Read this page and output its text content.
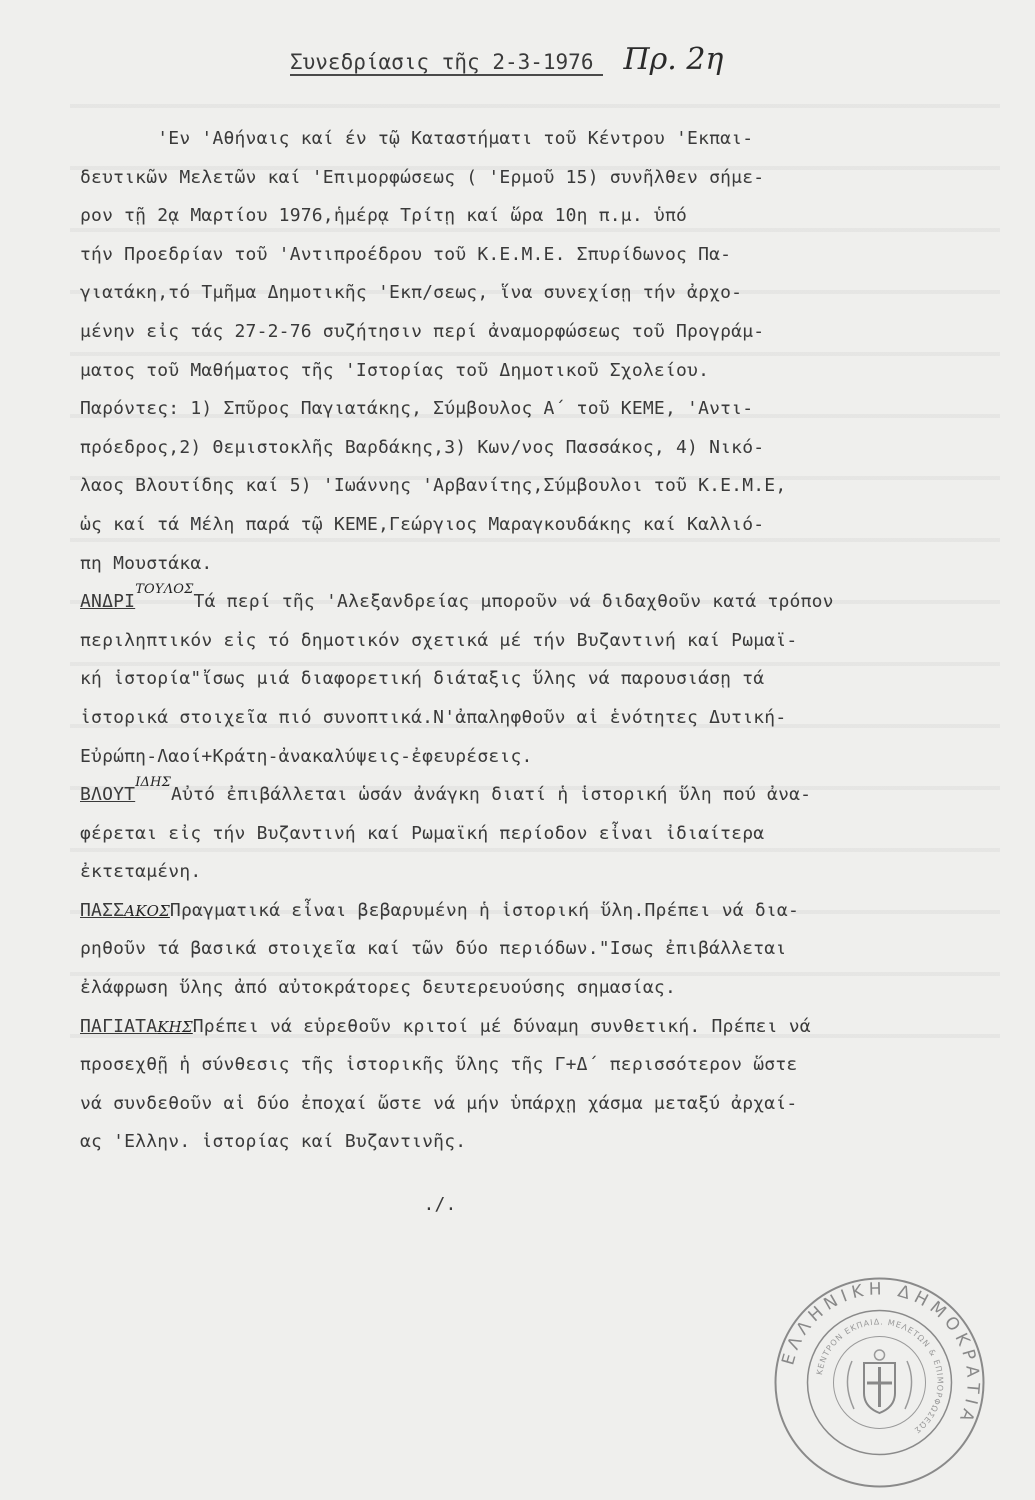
Συνεδρίασις τῆς 2-3-1976 Πρ. 2η
'Εν 'Αθήναις καί έν τῷ Καταστήματι τοῦ Κέντρου 'Εκπαι-
δευτικῶν Μελετῶν καί 'Επιμορφώσεως ( 'Ερμοῦ 15) συνῆλθεν σήμε-
ρον τῇ 2ᾳ Μαρτίου 1976,ἡμέρᾳ Τρίτῃ καί ὥρα 10η π.μ. ὑπό
τήν Προεδρίαν τοῦ 'Αντιπροέδρου τοῦ Κ.Ε.Μ.Ε. Σπυρίδωνος Πα-
γιατάκη,τό Τμῆμα Δημοτικῆς 'Εκπ/σεως, ἵνα συνεχίσῃ τήν ἀρχο-
μένην εἰς τάς 27-2-76 συζήτησιν περί ἀναμορφώσεως τοῦ Προγράμ-
ματος τοῦ Μαθήματος τῆς 'Ιστορίας τοῦ Δημοτικοῦ Σχολείου.
Παρόντες: 1) Σπῦρος Παγιατάκης, Σύμβουλος Α΄ τοῦ ΚΕΜΕ, 'Αντι-
πρόεδρος,2) Θεμιστοκλῆς Βαρδάκης,3) Κων/νος Πασσάκος, 4) Νικό-
λαος Βλουτίδης καί 5) 'Ιωάννης 'Αρβανίτης,Σύμβουλοι τοῦ Κ.Ε.Μ.Ε,
ὡς καί τά Μέλη παρά τῷ ΚΕΜΕ,Γεώργιος Μαραγκουδάκης καί Καλλιό-
πη Μουστάκα.
$AN\Delta PI^{TO\Upsilon\Lambda O\Sigma}Tά$ περί τῆς 'Αλεξανδρείας μπορο̃υν νά διδαχθοῦν κατά τρόπον
περιληπτικόν εἰς τό δημοτικόν σχετικά μέ τήν Βυζαντινή καί Ρωμαϊ-
κή ἱστορία"ἴσως μιά διαφορετική διάταξις ὕλης νά παρουσιάσῃ τά
ἱστορικά στοιχεῖα πιό συνοπτικά.Ν'ἀπαληφθοῦν αἱ ἑνότητες Δυτική-
Εὐρώπη-Λαοί+Κράτη-ἀνακαλύψεις-ἐφευρέσεις.
$B\Lambda O\Upsilon T^{I\Delta H\Sigma}Aὐ\tau ό$ ἐπιβάλλεται ὡσάν ἀνάγκη διατί ἡ ἱστορική ὕλη πού ἀνα-
φέρεται εἰς τήν Βυζαντινή καί Ρωμαϊκή περίοδον εἶναι ἰδιαίτερα
ἐκτεταμένη.
ΠΑΣΣΑΚΟΣΠραγματικά εἶναι βεβαρυμένη ἡ ἱστορική ὕλη.Πρέπει νά δια-
ρηθοῦν τά βασικά στοιχεῖα καί τῶν δύο περιόδων."Ισως ἐπιβάλλεται
ἐλάφρωση ὕλης ἀπό αὐτοκράτορες δευτερευούσης σημασίας.
ΠΑΓΙΑΤΑΚΗΣΠρέπει νά εὑρεθοῦν κριτοί μέ δύναμη συνθετική. Πρέπει νά
προσεχθῇ ἡ σύνθεσις τῆς ἱστορικῆς ὕλης τῆς Γ+Δ΄ περισσότερον ὥστε
νά συνδεθοῦν αἱ δύο ἐποχαί ὥστε νά μήν ὑπάρχῃ χάσμα μεταξύ ἀρχαί-
ας 'Ελλην. ἱστορίας καί Βυζαντινῆς.
./.
ΕΛΛΗΝΙΚΗ ΔΗΜΟΚΡΑΤΙΑ
ΚΕΝΤΡΟΝ ΕΚΠΑΙΔ. ΜΕΛΕΤΩΝ & ΕΠΙΜΟΡΦΩΣΕΩΣ
